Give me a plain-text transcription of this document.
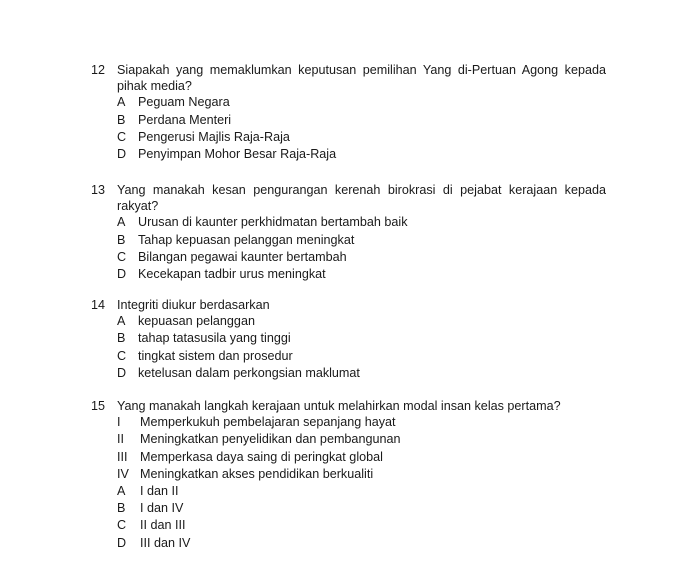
12 Siapakah yang memaklumkan keputusan pemilihan Yang di-Pertuan Agong kepada pihak media?
A Peguam Negara
B Perdana Menteri
C Pengerusi Majlis Raja-Raja
D Penyimpan Mohor Besar Raja-Raja
13 Yang manakah kesan pengurangan kerenah birokrasi di pejabat kerajaan kepada rakyat?
A Urusan di kaunter perkhidmatan bertambah baik
B Tahap kepuasan pelanggan meningkat
C Bilangan pegawai kaunter bertambah
D Kecekapan tadbir urus meningkat
14 Integriti diukur berdasarkan
A kepuasan pelanggan
B tahap tatasusila yang tinggi
C tingkat sistem dan prosedur
D ketelusan dalam perkongsian maklumat
15 Yang manakah langkah kerajaan untuk melahirkan modal insan kelas pertama?
I	Memperkukuh pembelajaran sepanjang hayat
II	Meningkatkan penyelidikan dan pembangunan
III Memperkasa daya saing di peringkat global
IV Meningkatkan akses pendidikan berkualiti
A	I dan II
B	I dan IV
C	II dan III
D	III dan IV
